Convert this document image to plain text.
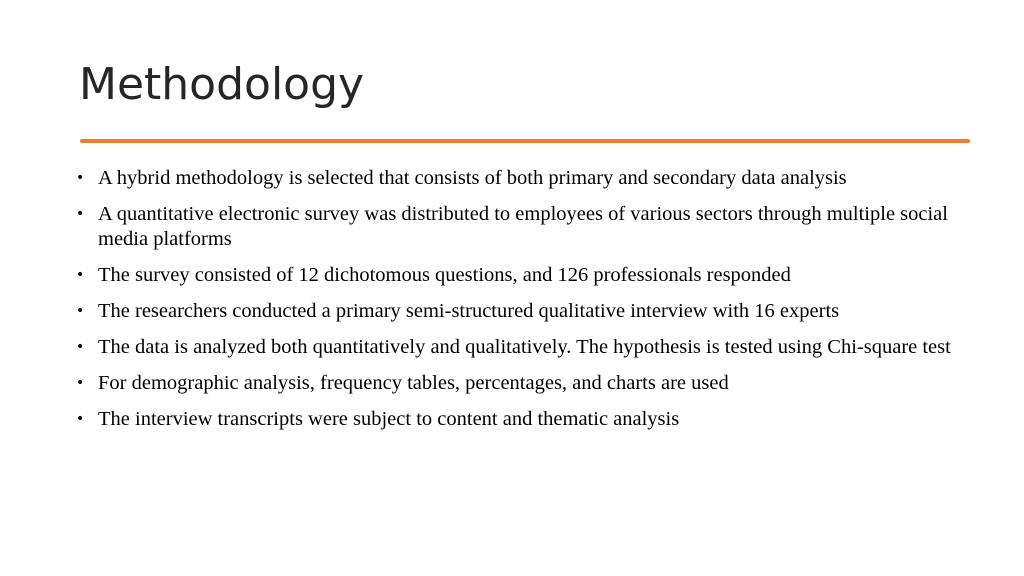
Methodology
• A hybrid methodology is selected that consists of both primary and secondary data analysis
• A quantitative electronic survey was distributed to employees of various sectors through multiple social media platforms
• The survey consisted of 12 dichotomous questions, and 126 professionals responded
• The researchers conducted a primary semi-structured qualitative interview with 16 experts
• The data is analyzed both quantitatively and qualitatively. The hypothesis is tested using Chi-square test
• For demographic analysis, frequency tables, percentages, and charts are used
• The interview transcripts were subject to content and thematic analysis
